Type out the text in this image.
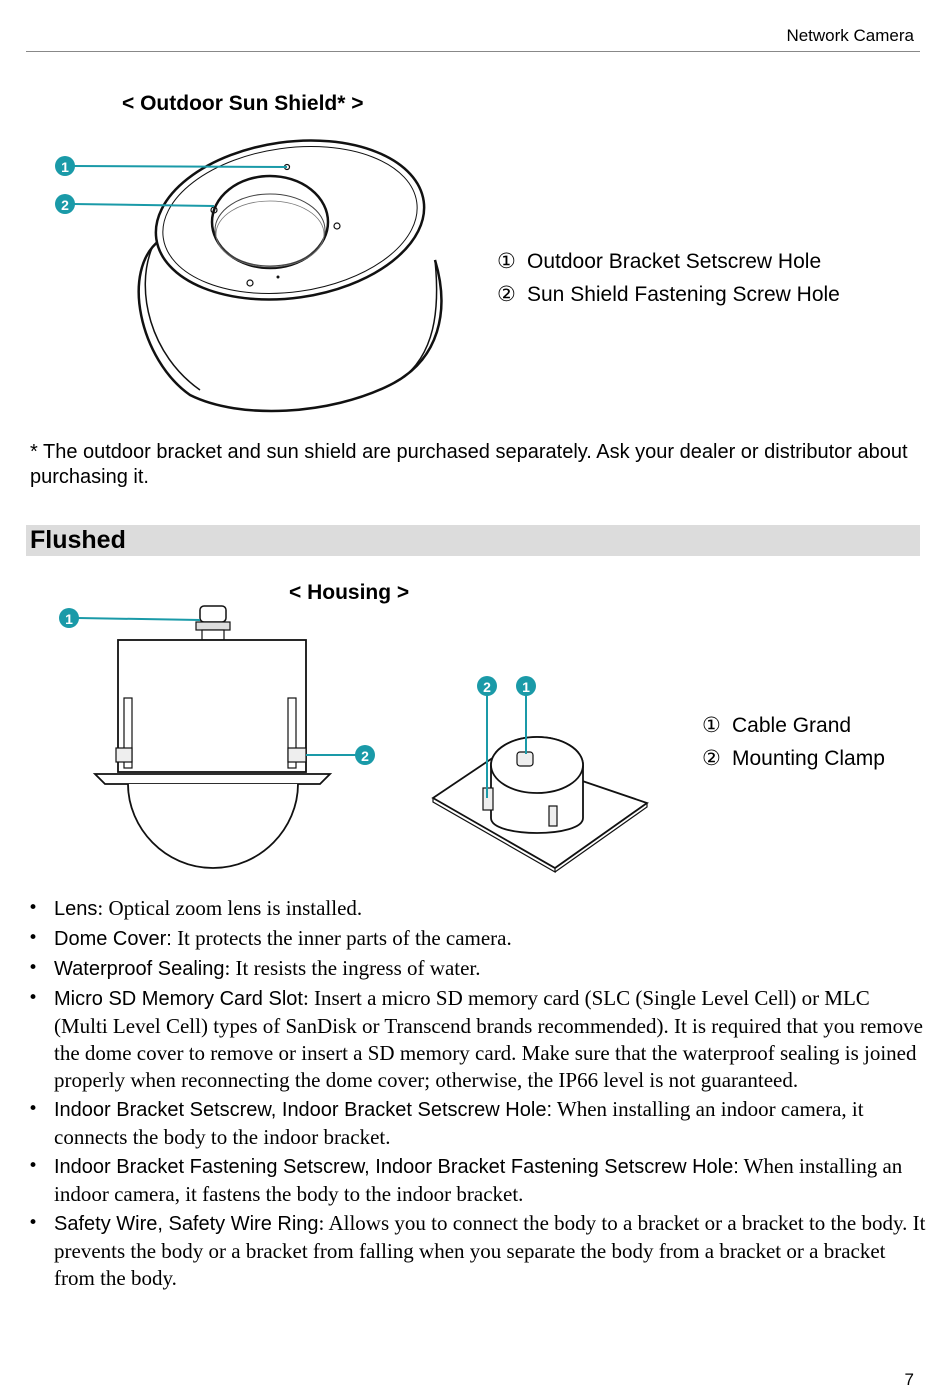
Network Camera
< Outdoor Sun Shield* >
1
2
① Outdoor Bracket Setscrew Hole
② Sun Shield Fastening Screw Hole
* The outdoor bracket and sun shield are purchased separately. Ask your dealer or distributor about purchasing it.
Flushed
< Housing >
1
2
2 1
① Cable Grand
② Mounting Clamp
• Lens: Optical zoom lens is installed.
• Dome Cover: It protects the inner parts of the camera.
• Waterproof Sealing: It resists the ingress of water.
• Micro SD Memory Card Slot: Insert a micro SD memory card (SLC (Single Level Cell) or MLC (Multi Level Cell) types of SanDisk or Transcend brands recommended). It is required that you remove the dome cover to remove or insert a SD memory card. Make sure that the waterproof sealing is joined properly when reconnecting the dome cover; otherwise, the IP66 level is not guaranteed.
• Indoor Bracket Setscrew, Indoor Bracket Setscrew Hole: When installing an indoor camera, it connects the body to the indoor bracket.
• Indoor Bracket Fastening Setscrew, Indoor Bracket Fastening Setscrew Hole: When installing an indoor camera, it fastens the body to the indoor bracket.
• Safety Wire, Safety Wire Ring: Allows you to connect the body to a bracket or a bracket to the body. It prevents the body or a bracket from falling when you separate the body from a bracket or a bracket from the body.
7
